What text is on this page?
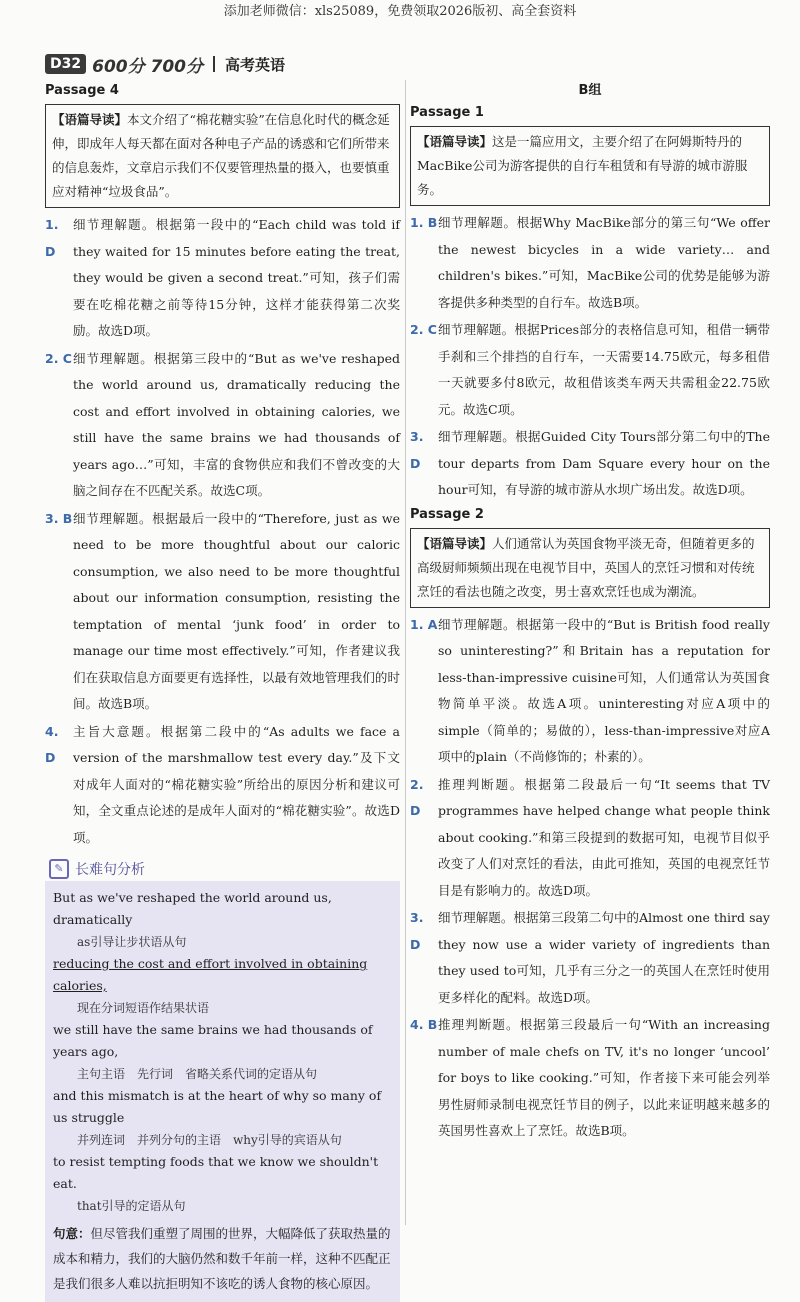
添加老师微信：xls25089，免费领取2026版初、高全套资料
D32 600分 700分 高考英语
Passage 4
【语篇导读】本文介绍了“棉花糖实验”在信息化时代的概念延伸，即成年人每天都在面对各种电子产品的诱惑和它们所带来的信息轰炸，文章启示我们不仅要管理热量的摄入，也要慎重应对精神“垃圾食品”。
1. D
细节理解题。根据第一段中的“Each child was told if they waited for 15 minutes before eating the treat, they would be given a second treat.”可知，孩子们需要在吃棉花糖之前等待15分钟，这样才能获得第二次奖励。故选D项。
2. C 细节理解题。根据第三段中的“But as we've reshaped the world around us, dramatically reducing the cost and effort involved in obtaining calories, we still have the same brains we had thousands of years ago…”可知，丰富的食物供应和我们不曾改变的大脑之间存在不匹配关系。故选C项。
3. B 细节理解题。根据最后一段中的“Therefore, just as we need to be more thoughtful about our caloric consumption, we also need to be more thoughtful about our information consumption, resisting the temptation of mental ‘junk food’ in order to manage our time most effectively.”可知，作者建议我们在获取信息方面要更有选择性，以最有效地管理我们的时间。故选B项。
4. D
主旨大意题。根据第二段中的“As adults we face a version of the marshmallow test every day.”及下文对成年人面对的“棉花糖实验”所给出的原因分析和建议可知，全文重点论述的是成年人面对的“棉花糖实验”。故选D项。
✎ 长难句分析
But as we've reshaped the world around us, dramatically
as引导让步状语从句
reducing the cost and effort involved in obtaining calories,
现在分词短语作结果状语
we still have the same brains we had thousands of years ago,
主句主语　先行词　省略关系代词的定语从句
and this mismatch is at the heart of why so many of us struggle
并列连词　并列分句的主语　why引导的宾语从句
to resist tempting foods that we know we shouldn't eat.
that引导的定语从句
句意：但尽管我们重塑了周围的世界，大幅降低了获取热量的成本和精力，我们的大脑仍然和数千年前一样，这种不匹配正是我们很多人难以抗拒明知不该吃的诱人食物的核心原因。
B组
Passage 1
【语篇导读】这是一篇应用文，主要介绍了在阿姆斯特丹的MacBike公司为游客提供的自行车租赁和有导游的城市游服务。
1. B 细节理解题。根据Why MacBike部分的第三句“We offer the newest bicycles in a wide variety… and children's bikes.”可知，MacBike公司的优势是能够为游客提供多种类型的自行车。故选B项。
2. C 细节理解题。根据Prices部分的表格信息可知，租借一辆带手刹和三个排挡的自行车，一天需要14.75欧元，每多租借一天就要多付8欧元，故租借该类车两天共需租金22.75欧元。故选C项。
3. D
细节理解题。根据Guided City Tours部分第二句中的The tour departs from Dam Square every hour on the hour可知，有导游的城市游从水坝广场出发。故选D项。
Passage 2
【语篇导读】人们通常认为英国食物平淡无奇，但随着更多的高级厨师频频出现在电视节目中，英国人的烹饪习惯和对传统烹饪的看法也随之改变，男士喜欢烹饪也成为潮流。
1. A 细节理解题。根据第一段中的“But is British food really so uninteresting?”和Britain has a reputation for less-than-impressive cuisine可知，人们通常认为英国食物简单平淡。故选A项。uninteresting对应A项中的simple（简单的；易做的），less-than-impressive对应A项中的plain（不尚修饰的；朴素的）。
2. D
推理判断题。根据第二段最后一句“It seems that TV programmes have helped change what people think about cooking.”和第三段提到的数据可知，电视节目似乎改变了人们对烹饪的看法，由此可推知，英国的电视烹饪节目是有影响力的。故选D项。
3. D
细节理解题。根据第三段第二句中的Almost one third say they now use a wider variety of ingredients than they used to可知，几乎有三分之一的英国人在烹饪时使用更多样化的配料。故选D项。
4. B 推理判断题。根据第三段最后一句“With an increasing number of male chefs on TV, it's no longer ‘uncool’ for boys to like cooking.”可知，作者接下来可能会列举男性厨师录制电视烹饪节目的例子，以此来证明越来越多的英国男性喜欢上了烹饪。故选B项。
